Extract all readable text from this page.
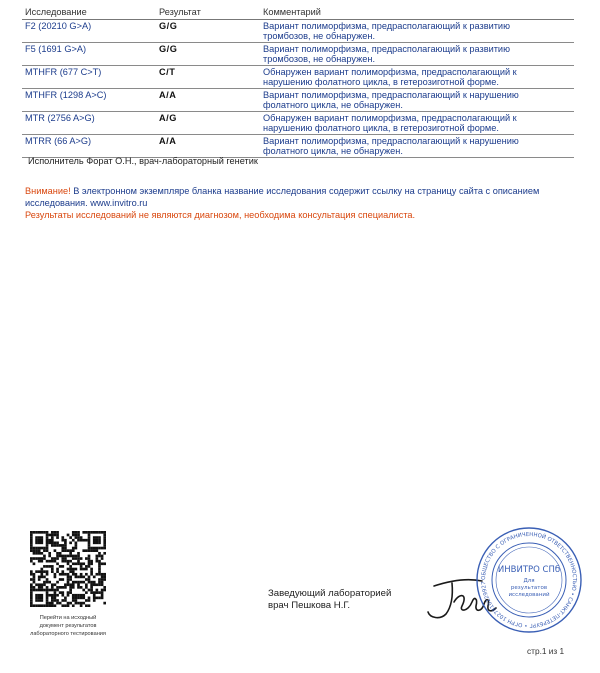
Исследование	Результат	Комментарий
F2 (20210 G>A)	G/G	Вариант полиморфизма, предрасполагающий к развитию
тромбозов, не обнаружен.
F5 (1691 G>A)	G/G	Вариант полиморфизма, предрасполагающий к развитию
тромбозов, не обнаружен.
MTHFR (677 C>T)	C/T	Обнаружен вариант полиморфизма, предрасполагающий к
нарушению фолатного цикла, в гетерозиготной форме.
MTHFR (1298 A>C)	A/A	Вариант полиморфизма, предрасполагающий к нарушению
фолатного цикла, не обнаружен.
MTR (2756 A>G)	A/G	Обнаружен вариант полиморфизма, предрасполагающий к
нарушению фолатного цикла, в гетерозиготной форме.
MTRR (66 A>G)	A/A	Вариант полиморфизма, предрасполагающий к нарушению
фолатного цикла, не обнаружен.
Исполнитель Форат О.Н., врач-лабораторный генетик
Внимание! В электронном экземпляре бланка название исследования содержит ссылку на страницу сайта с описанием исследования. www.invitro.ru
Результаты исследований не являются диагнозом, необходима консультация специалиста.
Перейти на исходный
документ результатов
лабораторного тестирования
Заведующий лабораторией
врач Пешкова Н.Г.
ОБЩЕСТВО С ОГРАНИЧЕННОЙ ОТВЕТСТВЕННОСТЬЮ • САНКТ-ПЕТЕРБУРГ • ОГРН 1027810229927
ИНВИТРО СПб
Для
результатов
исследований
стр.1 из 1
